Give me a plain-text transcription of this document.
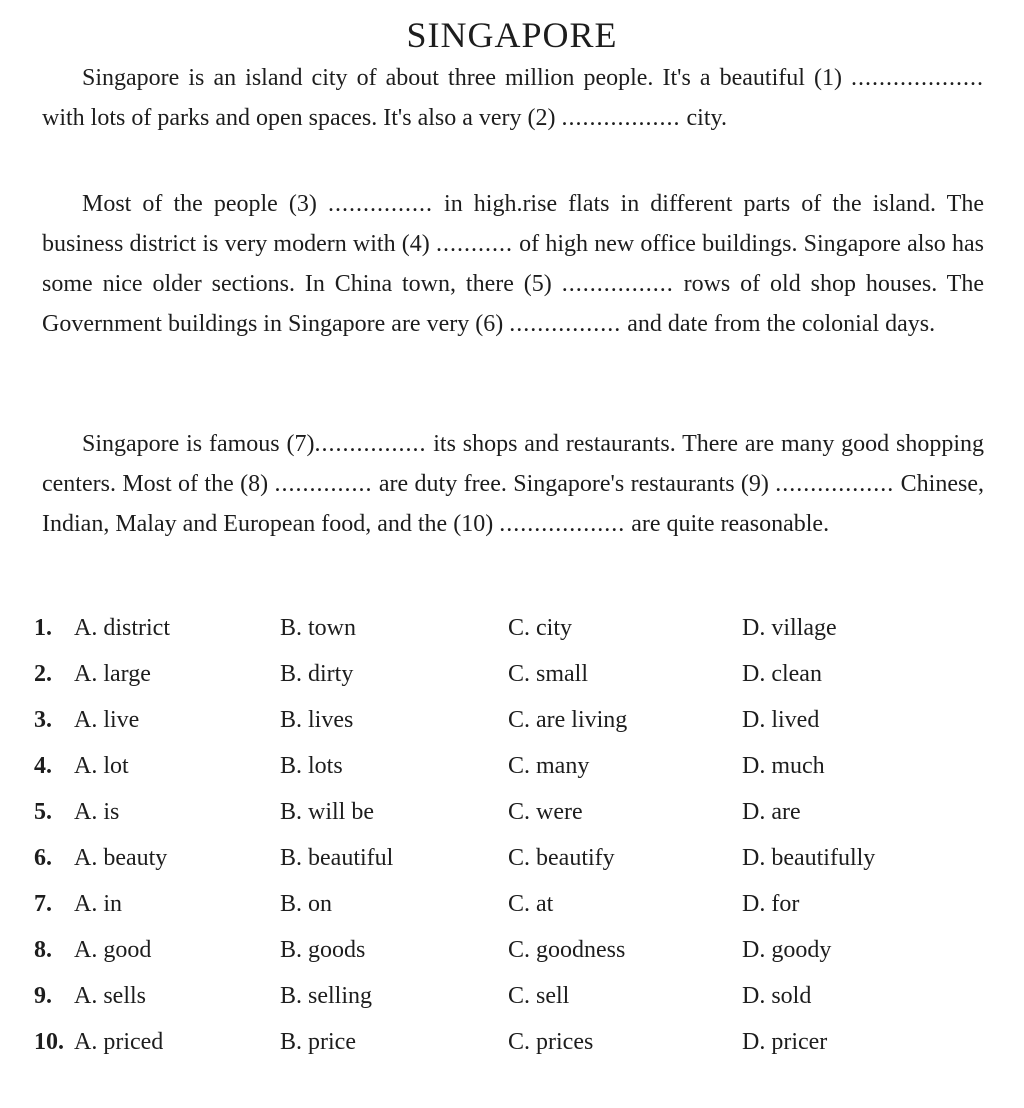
SINGAPORE

Singapore is an island city of about three million people. It's a beautiful (1) ................... with lots of parks and open spaces. It's also a very (2) ................. city.

Most of the people (3) ............... in high.rise flats in different parts of the island. The business district is very modern with (4) ........... of high new office buildings. Singapore also has some nice older sections. In China town, there (5) ................ rows of old shop houses. The Government buildings in Singapore are very (6) ................ and date from the colonial days.

Singapore is famous (7)................ its shops and restaurants. There are many good shopping centers. Most of the (8) .............. are duty free. Singapore's restaurants (9) ................. Chinese, Indian, Malay and European food, and the (10) .................. are quite reasonable.

1. A. district	B. town	C. city	D. village
2. A. large	B. dirty	C. small	D. clean
3. A. live	B. lives	C. are living	D. lived
4. A. lot	B. lots	C. many	D. much
5. A. is	B. will be	C. were	D. are
6. A. beauty	B. beautiful	C. beautify	D. beautifully
7. A. in	B. on	C. at	D. for
8. A. good	B. goods	C. goodness	D. goody
9. A. sells	B. selling	C. sell	D. sold
10. A. priced	B. price	C. prices	D. pricer
